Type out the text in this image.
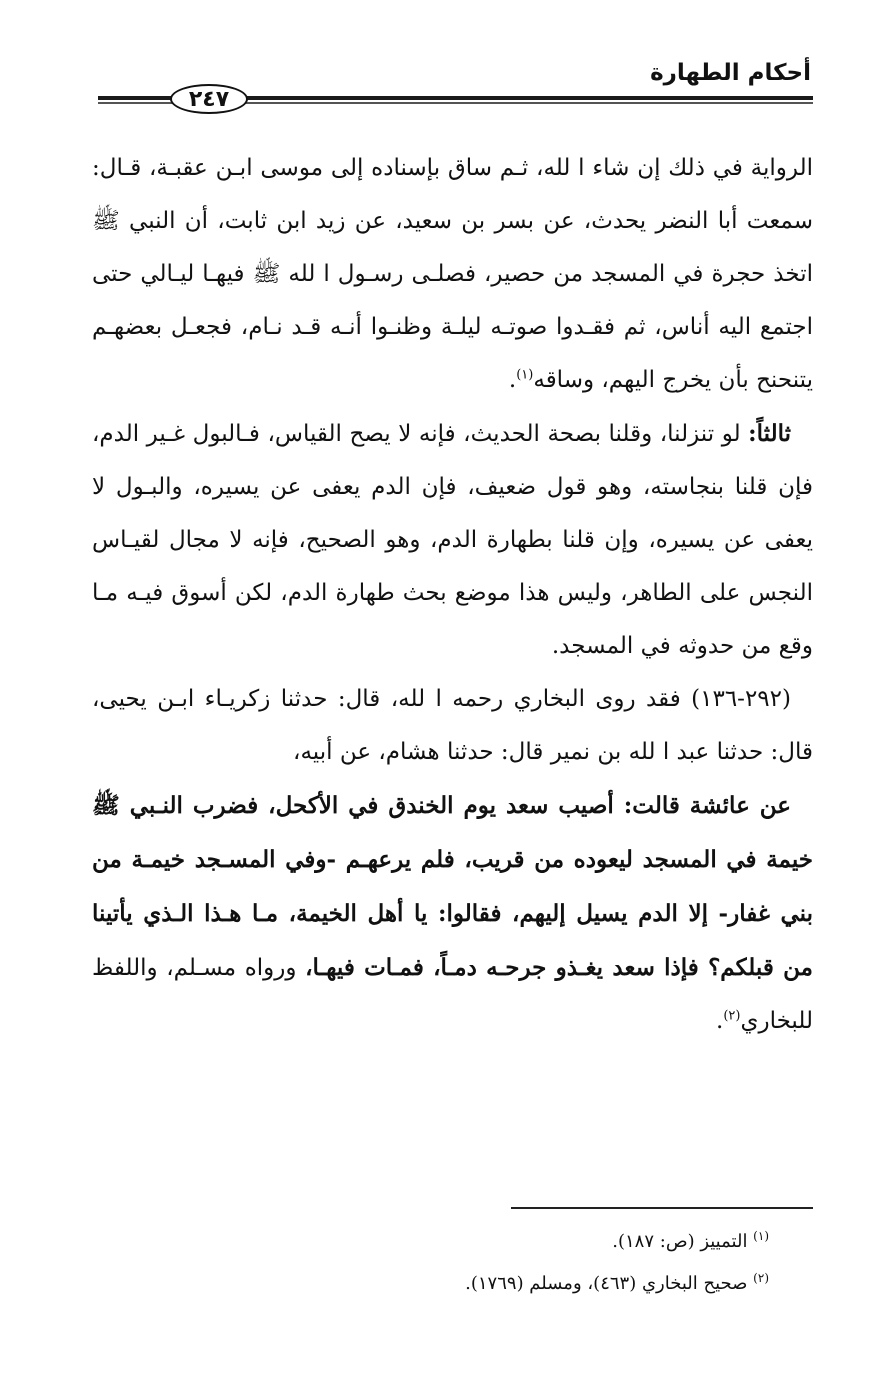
أحكام الطهارة
٢٤٧

الرواية في ذلك إن شاء ا لله، ثـم ساق بإسناده إلى موسى ابـن عقبـة، قـال: سمعت أبا النضر يحدث، عن بسر بن سعيد، عن زيد ابن ثابت، أن النبي ﷺ اتخذ حجرة في المسجد من حصير، فصلـى رسـول ا لله ﷺ فيهـا ليـالي حتى اجتمع اليه أناس، ثم فقـدوا صوتـه ليلـة وظنـوا أنـه قـد نـام، فجعـل بعضهـم يتنحنح بأن يخرج اليهم، وساقه$^{(١)}$.

ثالثاً: لو تنزلنا، وقلنا بصحة الحديث، فإنه لا يصح القياس، فـالبول غـير الدم، فإن قلنا بنجاسته، وهو قول ضعيف، فإن الدم يعفى عن يسيره، والبـول لا يعفى عن يسيره، وإن قلنا بطهارة الدم، وهو الصحيح، فإنه لا مجال لقيـاس النجس على الطاهر، وليس هذا موضع بحث طهارة الدم، لكن أسوق فيـه مـا وقع من حدوثه في المسجد.

(٢٩٢-١٣٦) فقد روى البخاري رحمه ا لله، قال: حدثنا زكريـاء ابـن يحيى، قال: حدثنا عبد ا لله بن نمير قال: حدثنا هشام، عن أبيه،

عن عائشة قالت: أصيب سعد يوم الخندق في الأكحل، فضرب النـبي ﷺ خيمة في المسجد ليعوده من قريب، فلم يرعهـم -وفي المسـجد خيمـة من بني غفار- إلا الدم يسيل إليهم، فقالوا: يا أهل الخيمة، مـا هـذا الـذي يأتينا من قبلكم؟ فإذا سعد يغـذو جرحـه دمـاً، فمـات فيهـا، ورواه مسـلم، واللفظ للبخاري$^{(٢)}$.

$^{(١)}$ التمييز (ص: ١٨٧).

$^{(٢)}$ صحيح البخاري (٤٦٣)، ومسلم (١٧٦٩).
